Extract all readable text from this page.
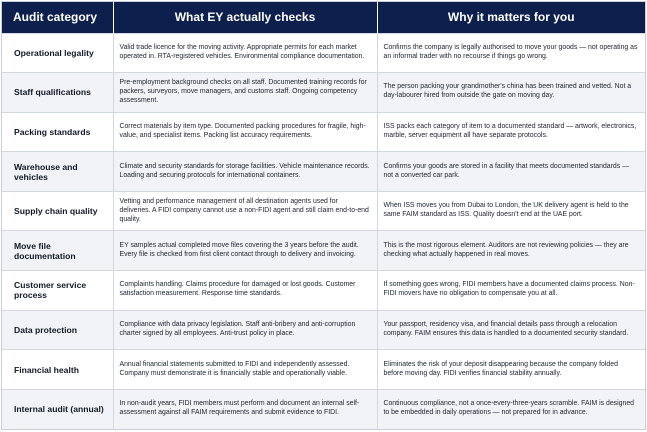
Audit category	What EY actually checks	Why it matters for you
Operational legality	Valid trade licence for the moving activity. Appropriate permits for each market operated in. RTA-registered vehicles. Environmental compliance documentation.	Confirms the company is legally authorised to move your goods — not operating as an informal trader with no recourse if things go wrong.
Staff qualifications	Pre-employment background checks on all staff. Documented training records for packers, surveyors, move managers, and customs staff. Ongoing competency assessment.	The person packing your grandmother's china has been trained and vetted. Not a day-labourer hired from outside the gate on moving day.
Packing standards	Correct materials by item type. Documented packing procedures for fragile, high-value, and specialist items. Packing list accuracy requirements.	ISS packs each category of item to a documented standard — artwork, electronics, marble, server equipment all have separate protocols.
Warehouse and vehicles	Climate and security standards for storage facilities. Vehicle maintenance records. Loading and securing protocols for international containers.	Confirms your goods are stored in a facility that meets documented standards — not a converted car park.
Supply chain quality	Vetting and performance management of all destination agents used for deliveries. A FIDI company cannot use a non-FIDI agent and still claim end-to-end quality.	When ISS moves you from Dubai to London, the UK delivery agent is held to the same FAIM standard as ISS. Quality doesn't end at the UAE port.
Move file documentation	EY samples actual completed move files covering the 3 years before the audit. Every file is checked from first client contact through to delivery and invoicing.	This is the most rigorous element. Auditors are not reviewing policies — they are checking what actually happened in real moves.
Customer service process	Complaints handling. Claims procedure for damaged or lost goods. Customer satisfaction measurement. Response time standards.	If something goes wrong, FIDI members have a documented claims process. Non-FIDI movers have no obligation to compensate you at all.
Data protection	Compliance with data privacy legislation. Staff anti-bribery and anti-corruption charter signed by all employees. Anti-trust policy in place.	Your passport, residency visa, and financial details pass through a relocation company. FAIM ensures this data is handled to a documented security standard.
Financial health	Annual financial statements submitted to FIDI and independently assessed. Company must demonstrate it is financially stable and operationally viable.	Eliminates the risk of your deposit disappearing because the company folded before moving day. FIDI verifies financial stability annually.
Internal audit (annual)	In non-audit years, FIDI members must perform and document an internal self-assessment against all FAIM requirements and submit evidence to FIDI.	Continuous compliance, not a once-every-three-years scramble. FAIM is designed to be embedded in daily operations — not prepared for in advance.
